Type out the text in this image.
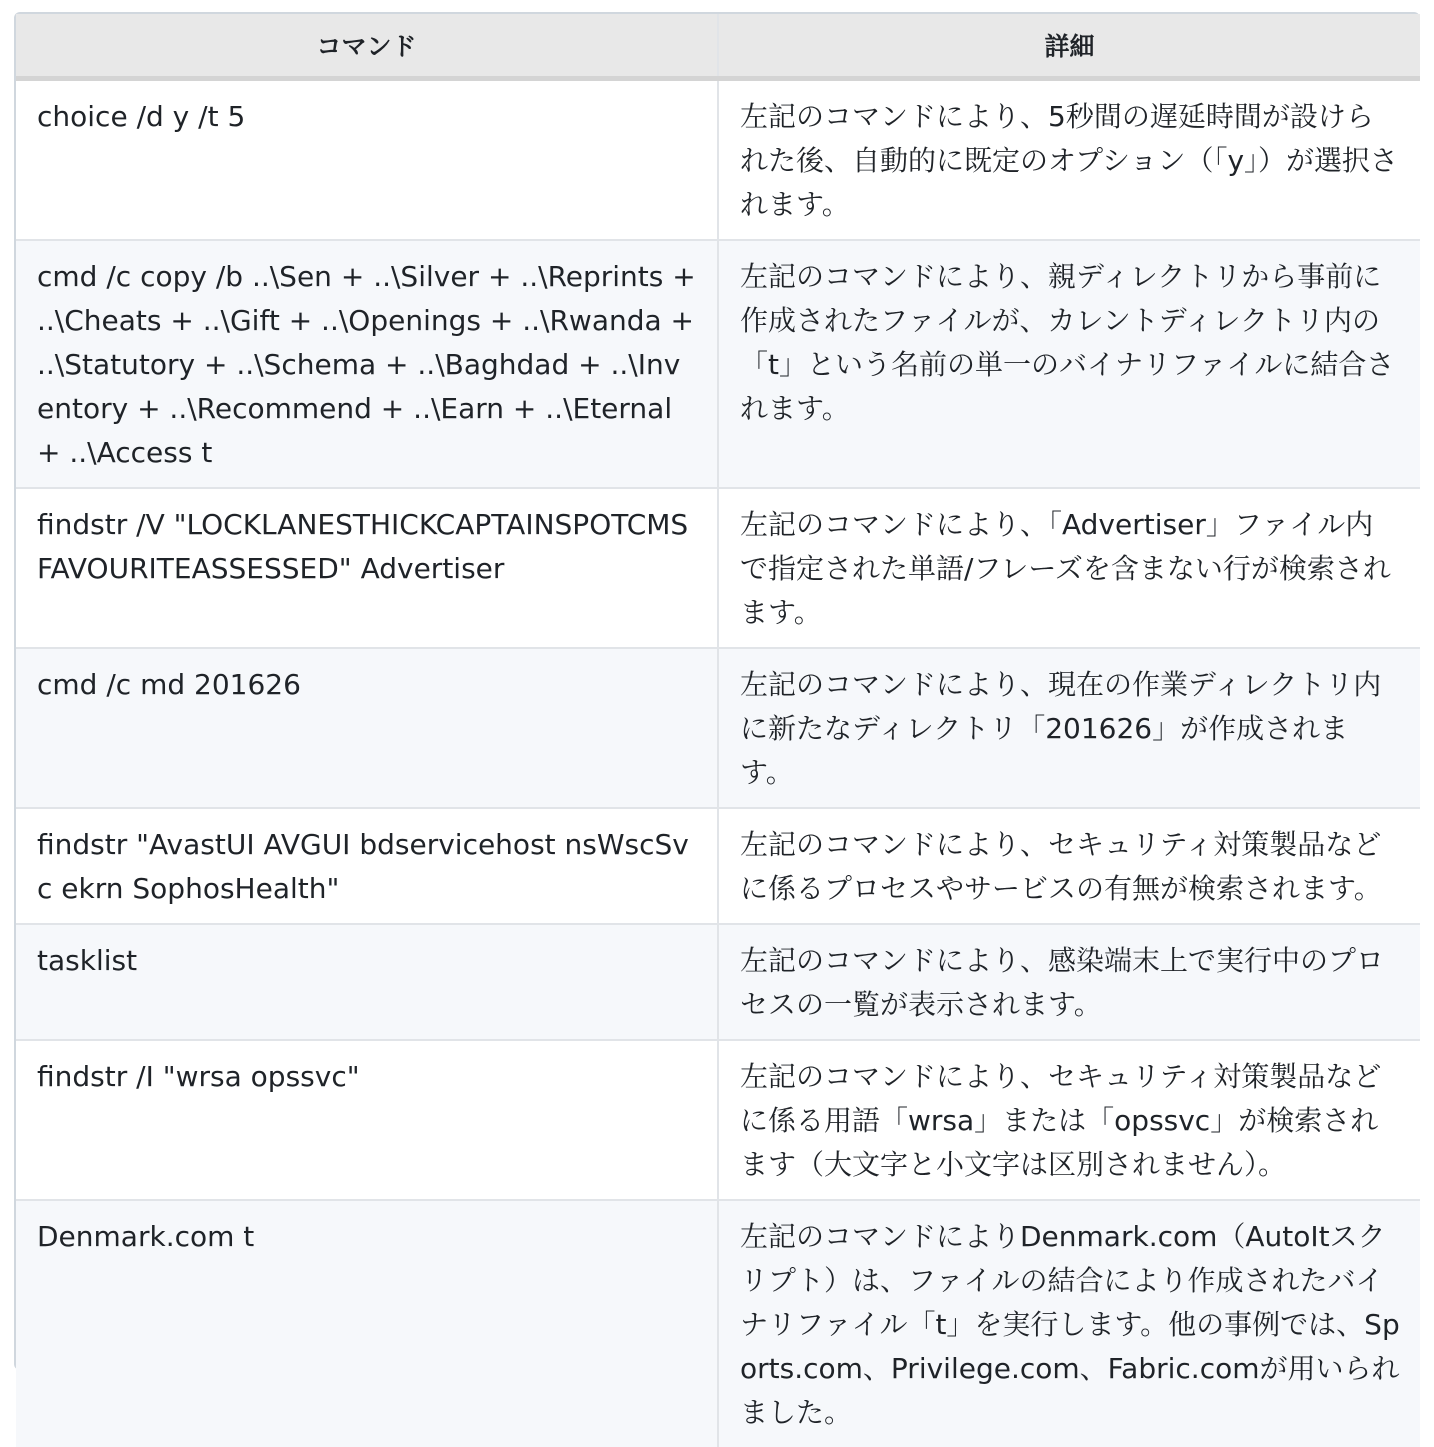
コマンド	詳細
choice /d y /t 5	左記のコマンドにより、5秒間の遅延時間が設けられた後、自動的に既定のオプション（「y」）が選択されます。
cmd /c copy /b ..\Sen + ..\Silver + ..\Reprints + ..\Cheats + ..\Gift + ..\Openings + ..\Rwanda + ..\Statutory + ..\Schema + ..\Baghdad + ..\Inventory + ..\Recommend + ..\Earn + ..\Eternal + ..\Access t	左記のコマンドにより、親ディレクトリから事前に作成されたファイルが、カレントディレクトリ内の「t」という名前の単一のバイナリファイルに結合されます。
findstr /V "LOCKLANESTHICKCAPTAINSPOTCMSFAVOURITEASSESSED" Advertiser	左記のコマンドにより、「Advertiser」ファイル内で指定された単語/フレーズを含まない行が検索されます。
cmd /c md 201626	左記のコマンドにより、現在の作業ディレクトリ内に新たなディレクトリ「201626」が作成されます。
findstr "AvastUI AVGUI bdservicehost nsWscSvc ekrn SophosHealth"	左記のコマンドにより、セキュリティ対策製品などに係るプロセスやサービスの有無が検索されます。
tasklist	左記のコマンドにより、感染端末上で実行中のプロセスの一覧が表示されます。
findstr /I "wrsa opssvc"	左記のコマンドにより、セキュリティ対策製品などに係る用語「wrsa」または「opssvc」が検索されます（大文字と小文字は区別されません）。
Denmark.com t	左記のコマンドによりDenmark.com（AutoItスクリプト）は、ファイルの結合により作成されたバイナリファイル「t」を実行します。他の事例では、Sports.com、Privilege.com、Fabric.comが用いられました。
